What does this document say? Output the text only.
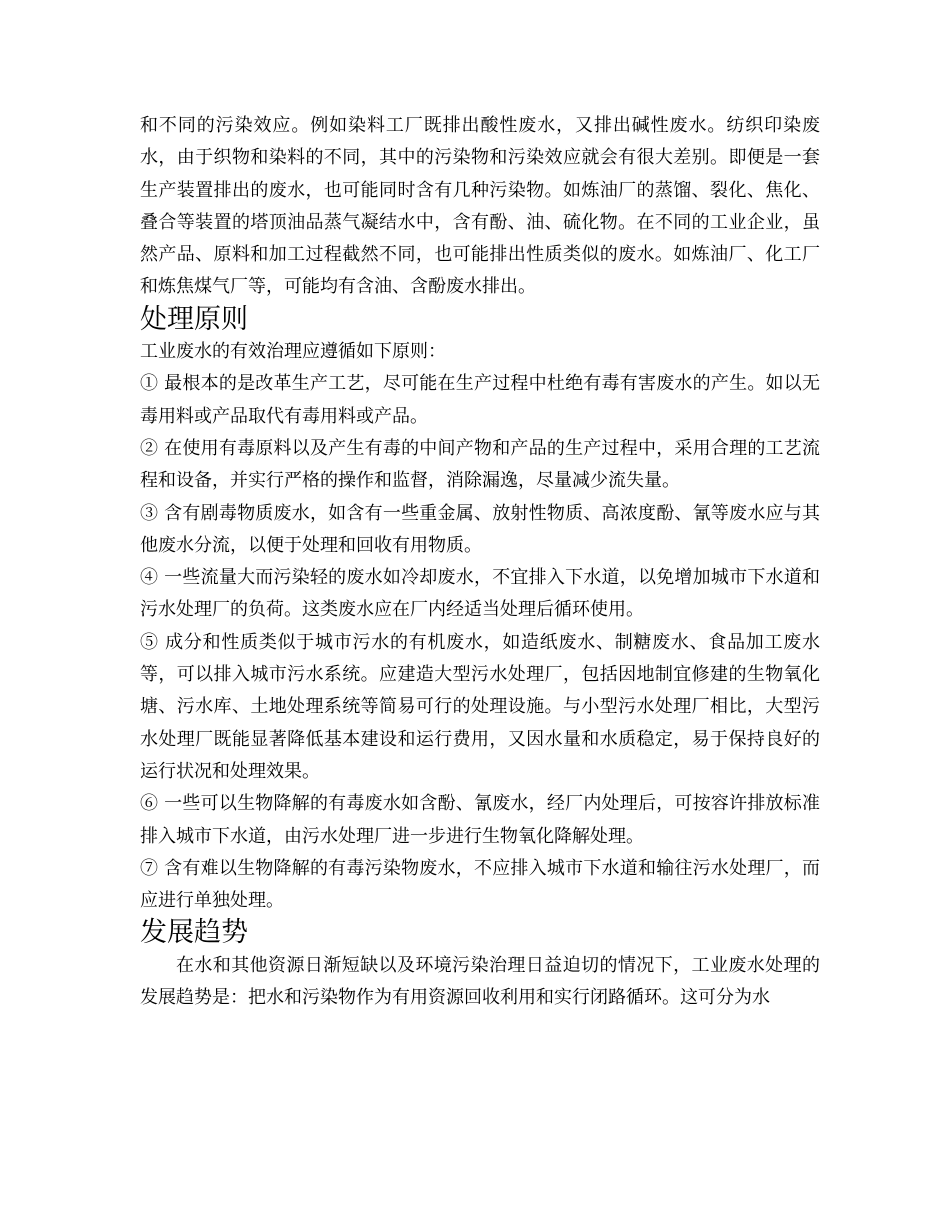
和不同的污染效应。例如染料工厂既排出酸性废水，又排出碱性废水。纺织印染废水，由于织物和染料的不同，其中的污染物和污染效应就会有很大差别。即便是一套生产装置排出的废水，也可能同时含有几种污染物。如炼油厂的蒸馏、裂化、焦化、叠合等装置的塔顶油品蒸气凝结水中，含有酚、油、硫化物。在不同的工业企业，虽然产品、原料和加工过程截然不同，也可能排出性质类似的废水。如炼油厂、化工厂和炼焦煤气厂等，可能均有含油、含酚废水排出。

处理原则

工业废水的有效治理应遵循如下原则：

① 最根本的是改革生产工艺，尽可能在生产过程中杜绝有毒有害废水的产生。如以无毒用料或产品取代有毒用料或产品。

② 在使用有毒原料以及产生有毒的中间产物和产品的生产过程中，采用合理的工艺流程和设备，并实行严格的操作和监督，消除漏逸，尽量减少流失量。

③ 含有剧毒物质废水，如含有一些重金属、放射性物质、高浓度酚、氰等废水应与其他废水分流，以便于处理和回收有用物质。

④ 一些流量大而污染轻的废水如冷却废水，不宜排入下水道，以免增加城市下水道和污水处理厂的负荷。这类废水应在厂内经适当处理后循环使用。

⑤ 成分和性质类似于城市污水的有机废水，如造纸废水、制糖废水、食品加工废水等，可以排入城市污水系统。应建造大型污水处理厂，包括因地制宜修建的生物氧化塘、污水库、土地处理系统等简易可行的处理设施。与小型污水处理厂相比，大型污水处理厂既能显著降低基本建设和运行费用，又因水量和水质稳定，易于保持良好的运行状况和处理效果。

⑥ 一些可以生物降解的有毒废水如含酚、氰废水，经厂内处理后，可按容许排放标准排入城市下水道，由污水处理厂进一步进行生物氧化降解处理。

⑦ 含有难以生物降解的有毒污染物废水，不应排入城市下水道和输往污水处理厂，而应进行单独处理。

发展趋势

在水和其他资源日渐短缺以及环境污染治理日益迫切的情况下，工业废水处理的发展趋势是：把水和污染物作为有用资源回收利用和实行闭路循环。这可分为水
